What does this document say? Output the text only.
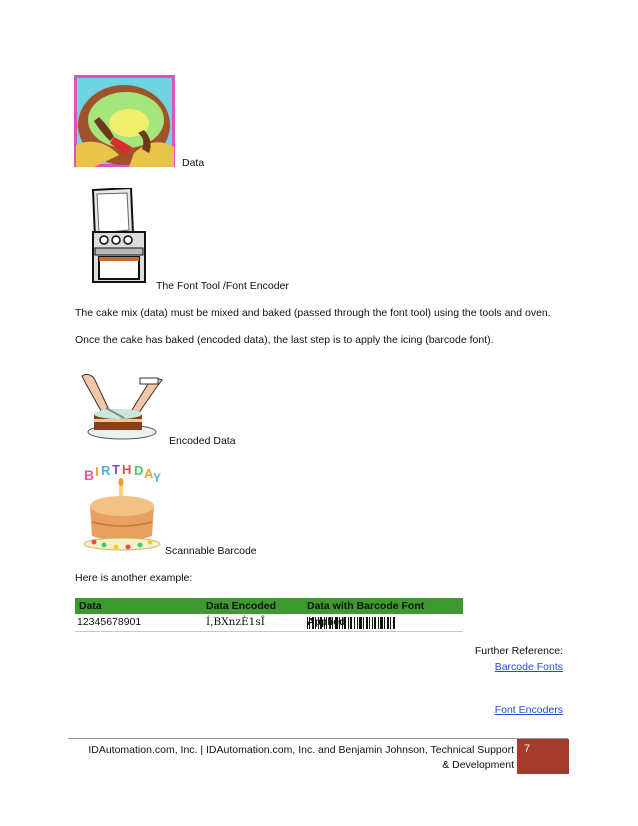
Data
The Font Tool /Font Encoder
The cake mix (data) must be mixed and baked (passed through the font tool) using the tools and oven.
Once the cake has baked (encoded data), the last step is to apply the icing (barcode font).
Encoded Data
B I R T H D A Y
Scannable Barcode
Here is another example:
Data	Data Encoded	Data with Barcode Font
12345678901	Í,BXnzÈ1sÎ
Further Reference:
Barcode Fonts
Font Encoders
IDAutomation.com, Inc. | IDAutomation.com, Inc. and Benjamin Johnson, Technical Support
& Development
7
